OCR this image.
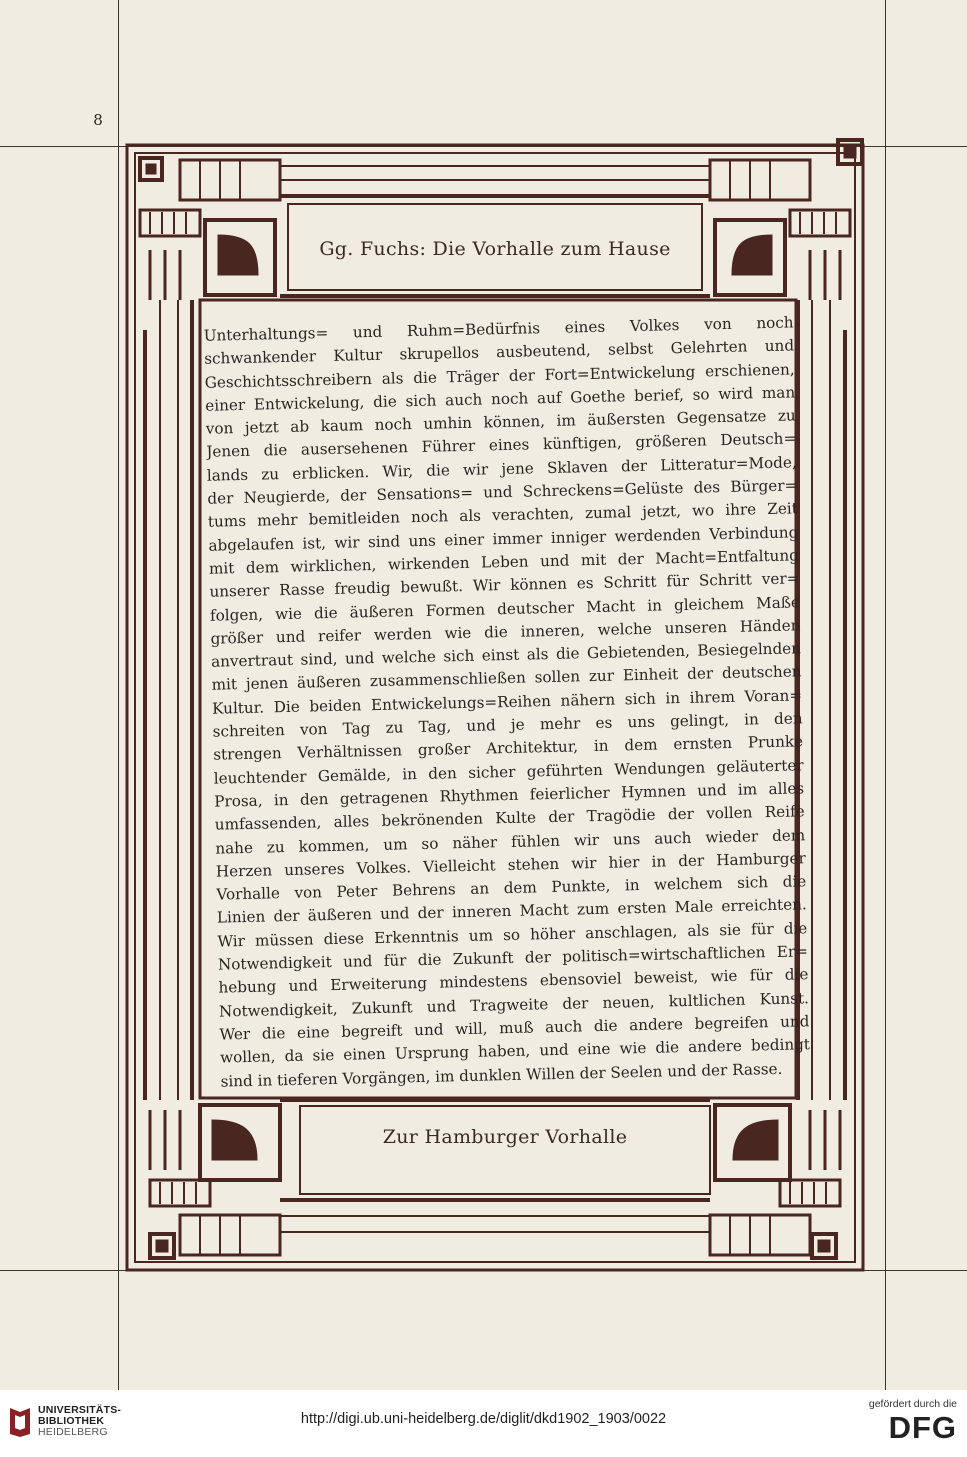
8
Gg. Fuchs: Die Vorhalle zum Hause
Unterhaltungs= und Ruhm=Bedürfnis eines Volkes von noch
schwankender Kultur skrupellos ausbeutend, selbst Gelehrten und
Geschichtsschreibern als die Träger der Fort=Entwickelung erschienen,
einer Entwickelung, die sich auch noch auf Goethe berief, so wird man
von jetzt ab kaum noch umhin können, im äußersten Gegensatze zu
Jenen die ausersehenen Führer eines künftigen, größeren Deutsch=
lands zu erblicken. Wir, die wir jene Sklaven der Litteratur=Mode,
der Neugierde, der Sensations= und Schreckens=Gelüste des Bürger=
tums mehr bemitleiden noch als verachten, zumal jetzt, wo ihre Zeit
abgelaufen ist, wir sind uns einer immer inniger werdenden Verbindung
mit dem wirklichen, wirkenden Leben und mit der Macht=Entfaltung
unserer Rasse freudig bewußt. Wir können es Schritt für Schritt ver=
folgen, wie die äußeren Formen deutscher Macht in gleichem Maße
größer und reifer werden wie die inneren, welche unseren Händen
anvertraut sind, und welche sich einst als die Gebietenden, Besiegelnden
mit jenen äußeren zusammenschließen sollen zur Einheit der deutschen
Kultur. Die beiden Entwickelungs=Reihen nähern sich in ihrem Voran=
schreiten von Tag zu Tag, und je mehr es uns gelingt, in den
strengen Verhältnissen großer Architektur, in dem ernsten Prunke
leuchtender Gemälde, in den sicher geführten Wendungen geläuterter
Prosa, in den getragenen Rhythmen feierlicher Hymnen und im alles
umfassenden, alles bekrönenden Kulte der Tragödie der vollen Reife
nahe zu kommen, um so näher fühlen wir uns auch wieder dem
Herzen unseres Volkes. Vielleicht stehen wir hier in der Hamburger
Vorhalle von Peter Behrens an dem Punkte, in welchem sich die
Linien der äußeren und der inneren Macht zum ersten Male erreichten.
Wir müssen diese Erkenntnis um so höher anschlagen, als sie für die
Notwendigkeit und für die Zukunft der politisch=wirtschaftlichen Er=
hebung und Erweiterung mindestens ebensoviel beweist, wie für die
Notwendigkeit, Zukunft und Tragweite der neuen, kultlichen Kunst.
Wer die eine begreift und will, muß auch die andere begreifen und
wollen, da sie einen Ursprung haben, und eine wie die andere bedingt
sind in tieferen Vorgängen, im dunklen Willen der Seelen und der Rasse.
Zur Hamburger Vorhalle
UNIVERSITÄTS-
BIBLIOTHEK
HEIDELBERG
http://digi.ub.uni-heidelberg.de/diglit/dkd1902_1903/0022
gefördert durch die
DFG
